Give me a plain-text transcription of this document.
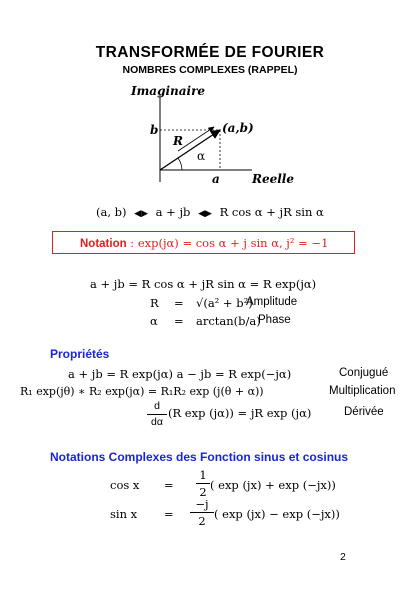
TRANSFORMÉE DE FOURIER
NOMBRES COMPLEXES (RAPPEL)
Imaginaire
(a,b)
R
α
b
a	Reelle
(a, b) ◀▶ a + jb ◀▶ R cos α + jR sin α
Notation : exp(jα) = cos α + j sin α, j² = −1
a + jb = R cos α + jR sin α = R exp(jα)
R = √(a² + b²)
Amplitude
α = arctan(b/a)
Phase
Propriétés
a + jb = R exp(jα) a − jb = R exp(−jα)	Conjugué
R₁ exp(jθ) ∗ R₂ exp(jα) = R₁R₂ exp (j(θ + α))	Multiplication
d
dα
(R exp (jα)) = jR exp (jα)	Dérivée
Notations Complexes des Fonction sinus et cosinus
cos x =
1
2 ( exp (jx) + exp (−jx))
sin x =
−j
2 ( exp (jx) − exp (−jx))
2
